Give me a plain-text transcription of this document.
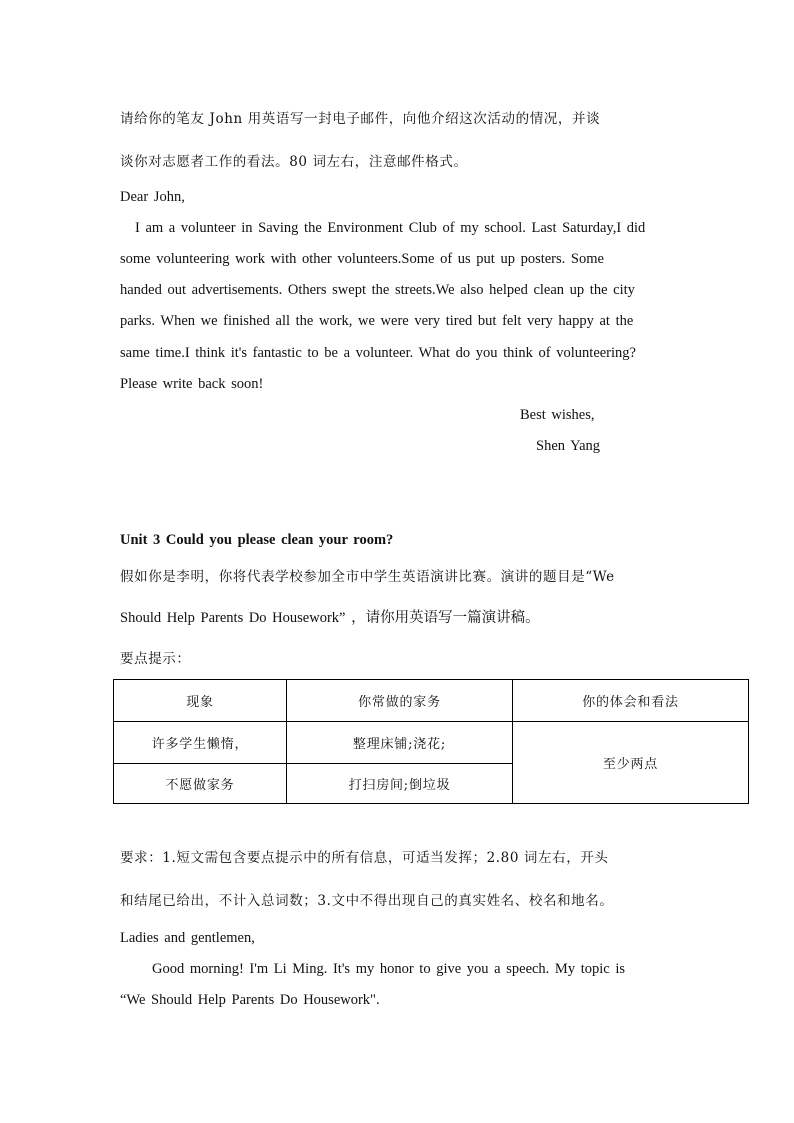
请给你的笔友 John 用英语写一封电子邮件，向他介绍这次活动的情况，并谈
谈你对志愿者工作的看法。80 词左右，注意邮件格式。
Dear John,
I am a volunteer in Saving the Environment Club of my school. Last Saturday,I did
some volunteering work with other volunteers.Some of us put up posters. Some
handed out advertisements. Others swept the streets.We also helped clean up the city
parks. When we finished all the work, we were very tired but felt very happy at the
same time.I think it's fantastic to be a volunteer. What do you think of volunteering?
Please write back soon!
Best wishes,
Shen Yang
Unit 3 Could you please clean your room?
假如你是李明，你将代表学校参加全市中学生英语演讲比赛。演讲的题目是“We
Should Help Parents Do Housework” ，请你用英语写一篇演讲稿。
要点提示：
现象	你常做的家务	你的体会和看法
许多学生懒惰，	整理床铺;浇花;	至少两点
不愿做家务	打扫房间;倒垃圾	
要求：1.短文需包含要点提示中的所有信息，可适当发挥；2.80 词左右，开头
和结尾已给出，不计入总词数；3.文中不得出现自己的真实姓名、校名和地名。
Ladies and gentlemen,
Good morning! I'm Li Ming. It's my honor to give you a speech. My topic is
“We Should Help Parents Do Housework".
